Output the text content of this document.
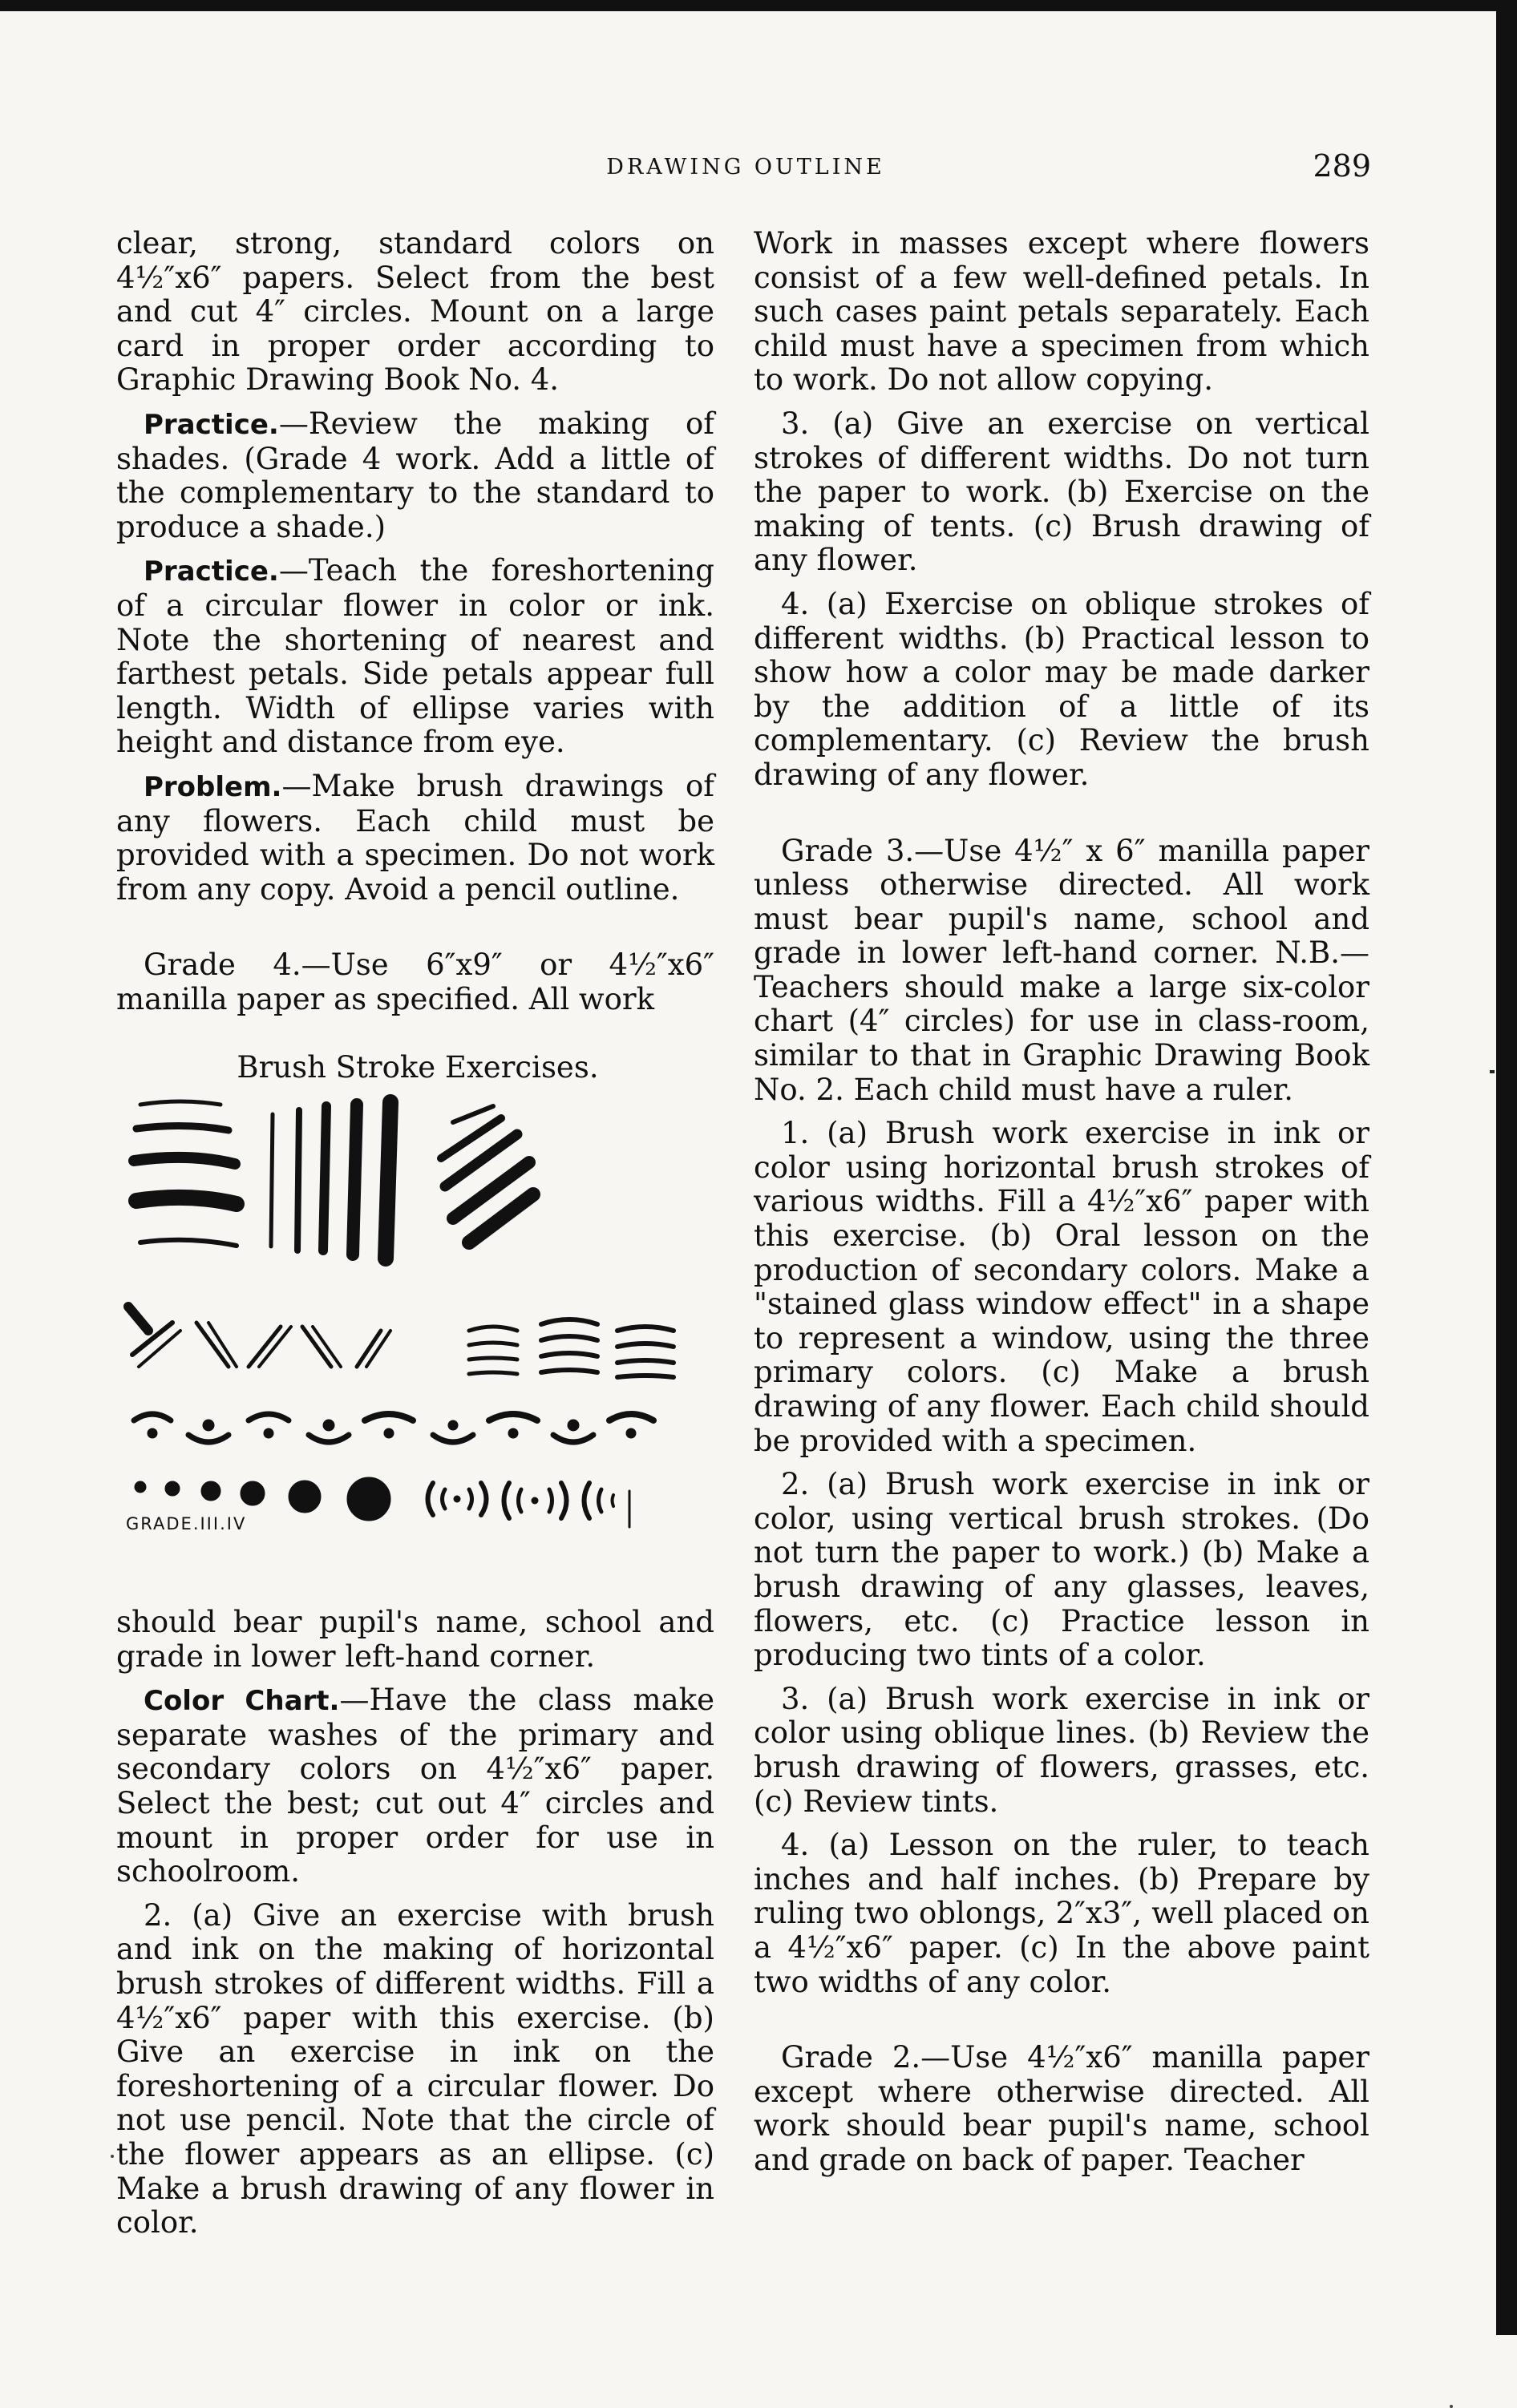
DRAWING OUTLINE	289

clear, strong, standard colors on 4½″x6″ papers. Select from the best and cut 4″ circles. Mount on a large card in proper order according to Graphic Drawing Book No. 4.

Practice.—Review the making of shades. (Grade 4 work. Add a little of the complementary to the standard to produce a shade.)

Practice.—Teach the foreshortening of a circular flower in color or ink. Note the shortening of nearest and farthest petals. Side petals appear full length. Width of ellipse varies with height and distance from eye.

Problem.—Make brush drawings of any flowers. Each child must be provided with a specimen. Do not work from any copy. Avoid a pencil outline.

Grade 4.—Use 6″x9″ or 4½″x6″ manilla paper as specified. All work

Brush Stroke Exercises.
GRADE.III.IV

should bear pupil's name, school and grade in lower left-hand corner.

Color Chart.—Have the class make separate washes of the primary and secondary colors on 4½″x6″ paper. Select the best; cut out 4″ circles and mount in proper order for use in schoolroom.

2. (a) Give an exercise with brush and ink on the making of horizontal brush strokes of different widths. Fill a 4½″x6″ paper with this exercise. (b) Give an exercise in ink on the foreshortening of a circular flower. Do not use pencil. Note that the circle of the flower appears as an ellipse. (c) Make a brush drawing of any flower in color.

Work in masses except where flowers consist of a few well-defined petals. In such cases paint petals separately. Each child must have a specimen from which to work. Do not allow copying.

3. (a) Give an exercise on vertical strokes of different widths. Do not turn the paper to work. (b) Exercise on the making of tents. (c) Brush drawing of any flower.

4. (a) Exercise on oblique strokes of different widths. (b) Practical lesson to show how a color may be made darker by the addition of a little of its complementary. (c) Review the brush drawing of any flower.

Grade 3.—Use 4½″ x 6″ manilla paper unless otherwise directed. All work must bear pupil's name, school and grade in lower left-hand corner. N.B.—Teachers should make a large six-color chart (4″ circles) for use in class-room, similar to that in Graphic Drawing Book No. 2. Each child must have a ruler.

1. (a) Brush work exercise in ink or color using horizontal brush strokes of various widths. Fill a 4½″x6″ paper with this exercise. (b) Oral lesson on the production of secondary colors. Make a "stained glass window effect" in a shape to represent a window, using the three primary colors. (c) Make a brush drawing of any flower. Each child should be provided with a specimen.

2. (a) Brush work exercise in ink or color, using vertical brush strokes. (Do not turn the paper to work.) (b) Make a brush drawing of any glasses, leaves, flowers, etc. (c) Practice lesson in producing two tints of a color.

3. (a) Brush work exercise in ink or color using oblique lines. (b) Review the brush drawing of flowers, grasses, etc. (c) Review tints.

4. (a) Lesson on the ruler, to teach inches and half inches. (b) Prepare by ruling two oblongs, 2″x3″, well placed on a 4½″x6″ paper. (c) In the above paint two widths of any color.

Grade 2.—Use 4½″x6″ manilla paper except where otherwise directed. All work should bear pupil's name, school and grade on back of paper. Teacher
